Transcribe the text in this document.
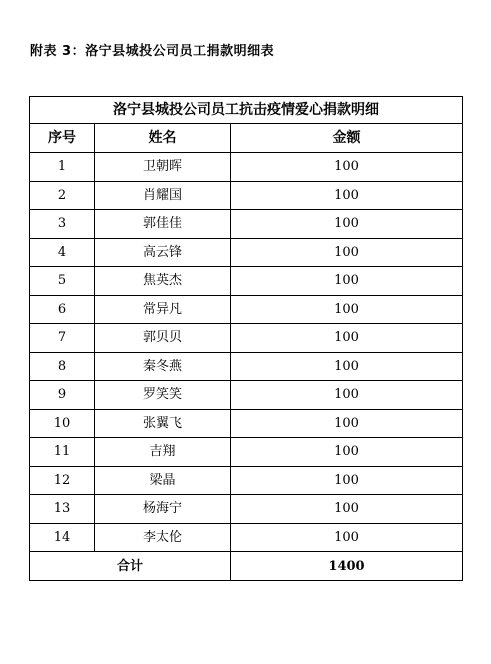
附表 3：洛宁县城投公司员工捐款明细表
洛宁县城投公司员工抗击疫情爱心捐款明细		
序号	姓名	金额
1	卫朝晖	100
2	肖耀国	100
3	郭佳佳	100
4	高云锋	100
5	焦英杰	100
6	常异凡	100
7	郭贝贝	100
8	秦冬燕	100
9	罗笑笑	100
10	张翼飞	100
11	吉翔	100
12	梁晶	100
13	杨海宁	100
14	李太伦	100
合计		1400
